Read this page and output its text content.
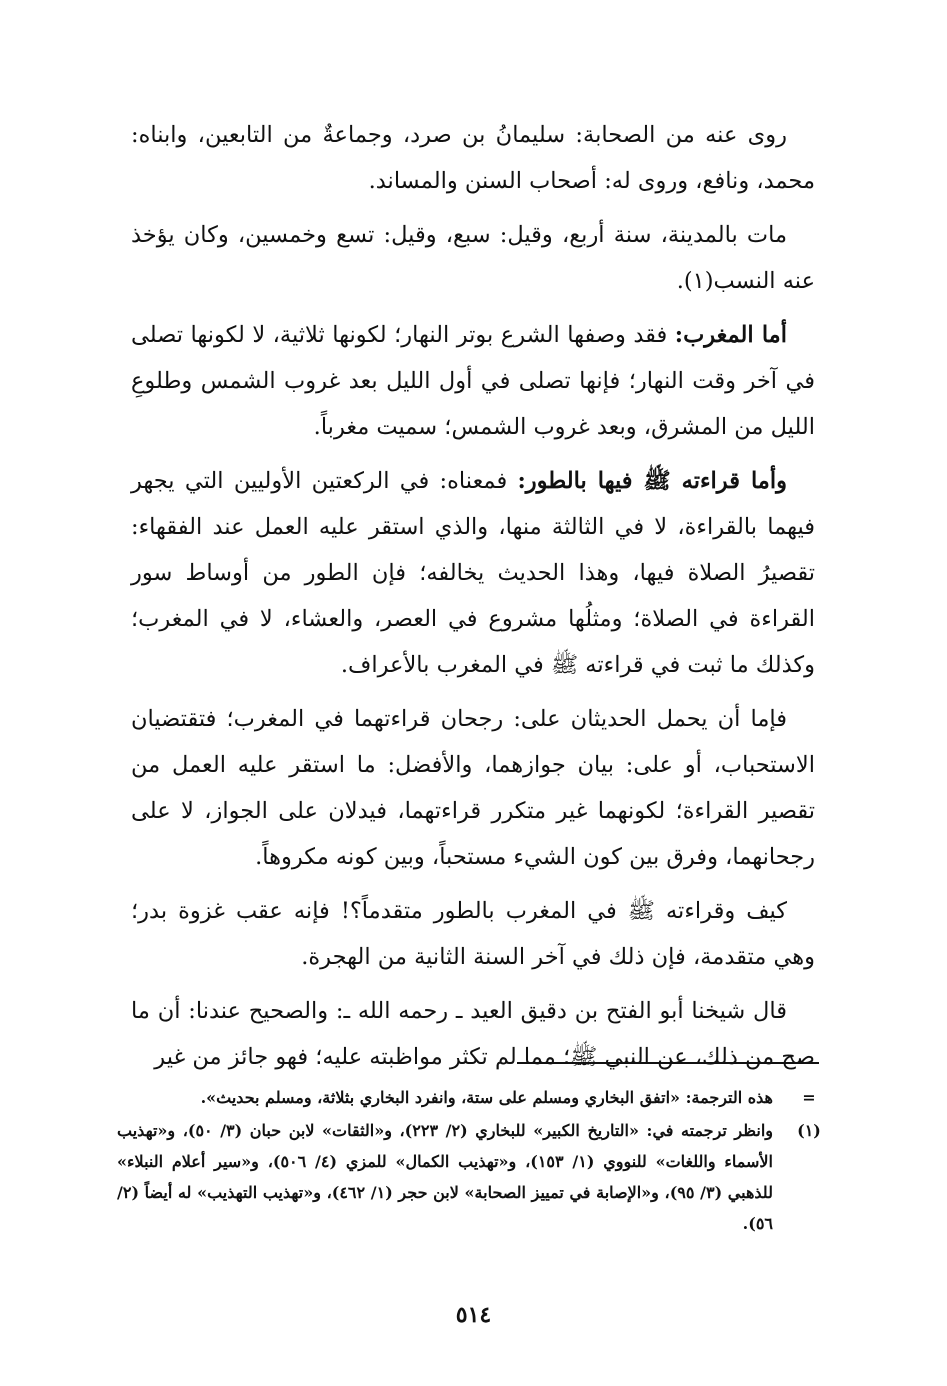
روى عنه من الصحابة: سليمانُ بن صرد، وجماعةٌ من التابعين، وابناه: محمد، ونافع، وروى له: أصحاب السنن والمساند.

مات بالمدينة، سنة أربع، وقيل: سبع، وقيل: تسع وخمسين، وكان يؤخذ عنه النسب(١).

أما المغرب: فقد وصفها الشرع بوتر النهار؛ لكونها ثلاثية، لا لكونها تصلى في آخر وقت النهار؛ فإنها تصلى في أول الليل بعد غروب الشمس وطلوعِ الليل من المشرق، وبعد غروب الشمس؛ سميت مغرباً.

وأما قراءته ﷺ فيها بالطور: فمعناه: في الركعتين الأوليين التي يجهر فيهما بالقراءة، لا في الثالثة منها، والذي استقر عليه العمل عند الفقهاء: تقصيرُ الصلاة فيها، وهذا الحديث يخالفه؛ فإن الطور من أوساط سور القراءة في الصلاة؛ ومثلُها مشروع في العصر، والعشاء، لا في المغرب؛ وكذلك ما ثبت في قراءته ﷺ في المغرب بالأعراف.

فإما أن يحمل الحديثان على: رجحان قراءتهما في المغرب؛ فتقتضيان الاستحباب، أو على: بيان جوازهما، والأفضل: ما استقر عليه العمل من تقصير القراءة؛ لكونهما غير متكرر قراءتهما، فيدلان على الجواز، لا على رجحانهما، وفرق بين كون الشيء مستحباً، وبين كونه مكروهاً.

كيف وقراءته ﷺ في المغرب بالطور متقدماً؟! فإنه عقب غزوة بدر؛ وهي متقدمة، فإن ذلك في آخر السنة الثانية من الهجرة.

قال شيخنا أبو الفتح بن دقيق العيد ـ رحمه الله ـ: والصحيح عندنا: أن ما صح من ذلك، عن النبي ﷺ؛ مما لم تكثر مواظبته عليه؛ فهو جائز من غير

=
هذه الترجمة: «اتفق البخاري ومسلم على ستة، وانفرد البخاري بثلاثة، ومسلم بحديث».

(١)
وانظر ترجمته في: «التاريخ الكبير» للبخاري (٢/ ٢٢٣)، و«الثقات» لابن حبان (٣/ ٥٠)، و«تهذيب الأسماء واللغات» للنووي (١/ ١٥٣)، و«تهذيب الكمال» للمزي (٤/ ٥٠٦)، و«سير أعلام النبلاء» للذهبي (٣/ ٩٥)، و«الإصابة في تمييز الصحابة» لابن حجر (١/ ٤٦٢)، و«تهذيب التهذيب» له أيضاً (٢/ ٥٦).

٥١٤
